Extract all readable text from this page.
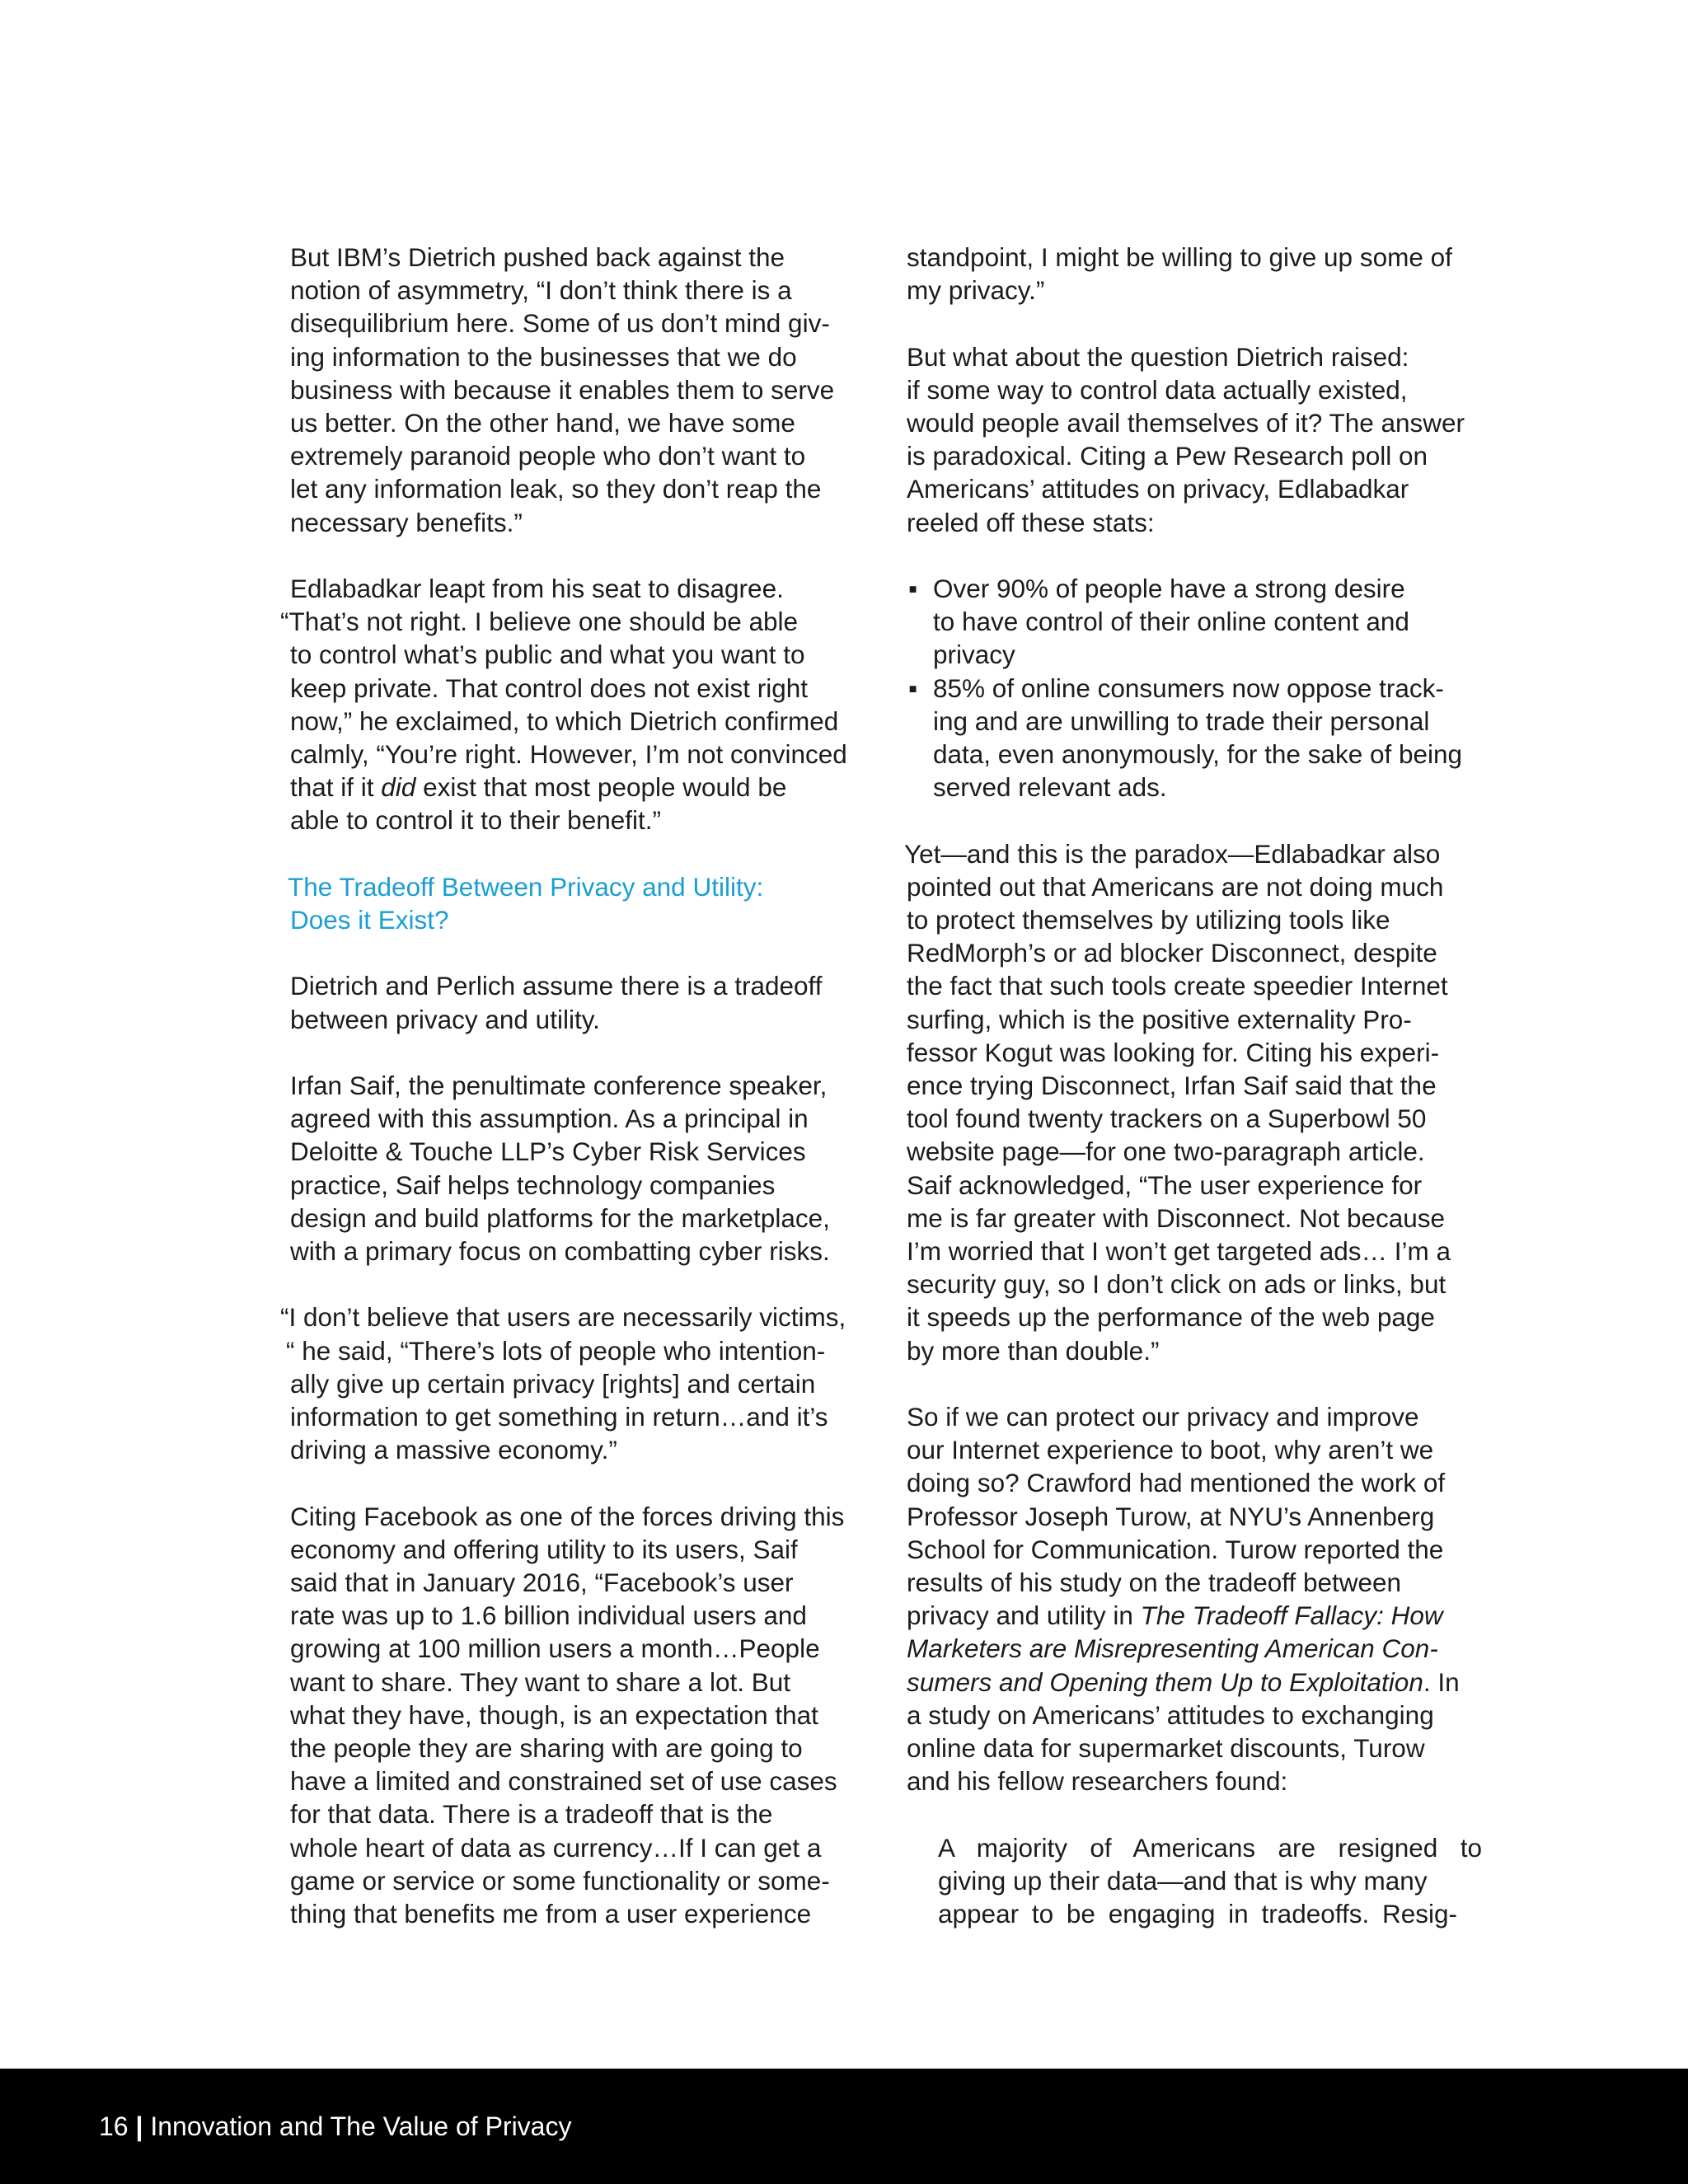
But IBM’s Dietrich pushed back against the
notion of asymmetry, “I don’t think there is a
disequilibrium here. Some of us don’t mind giv-
ing information to the businesses that we do
business with because it enables them to serve
us better. On the other hand, we have some
extremely paranoid people who don’t want to
let any information leak, so they don’t reap the
necessary benefits.”
Edlabadkar leapt from his seat to disagree.
“That’s not right. I believe one should be able
to control what’s public and what you want to
keep private. That control does not exist right
now,” he exclaimed, to which Dietrich confirmed
calmly, “You’re right. However, I’m not convinced
that if it did exist that most people would be
able to control it to their benefit.”
The Tradeoff Between Privacy and Utility:
Does it Exist?
Dietrich and Perlich assume there is a tradeoff
between privacy and utility.
Irfan Saif, the penultimate conference speaker,
agreed with this assumption. As a principal in
Deloitte & Touche LLP’s Cyber Risk Services
practice, Saif helps technology companies
design and build platforms for the marketplace,
with a primary focus on combatting cyber risks.
“I don’t believe that users are necessarily victims,
“ he said, “There’s lots of people who intention-
ally give up certain privacy [rights] and certain
information to get something in return…and it’s
driving a massive economy.”
Citing Facebook as one of the forces driving this
economy and offering utility to its users, Saif
said that in January 2016, “Facebook’s user
rate was up to 1.6 billion individual users and
growing at 100 million users a month…People
want to share. They want to share a lot. But
what they have, though, is an expectation that
the people they are sharing with are going to
have a limited and constrained set of use cases
for that data. There is a tradeoff that is the
whole heart of data as currency…If I can get a
game or service or some functionality or some-
thing that benefits me from a user experience
standpoint, I might be willing to give up some of
my privacy.”
But what about the question Dietrich raised:
if some way to control data actually existed,
would people avail themselves of it? The answer
is paradoxical. Citing a Pew Research poll on
Americans’ attitudes on privacy, Edlabadkar
reeled off these stats:
▪ Over 90% of people have a strong desire
to have control of their online content and
privacy
▪ 85% of online consumers now oppose track-
ing and are unwilling to trade their personal
data, even anonymously, for the sake of being
served relevant ads.
Yet—and this is the paradox—Edlabadkar also
pointed out that Americans are not doing much
to protect themselves by utilizing tools like
RedMorph’s or ad blocker Disconnect, despite
the fact that such tools create speedier Internet
surfing, which is the positive externality Pro-
fessor Kogut was looking for. Citing his experi-
ence trying Disconnect, Irfan Saif said that the
tool found twenty trackers on a Superbowl 50
website page—for one two-paragraph article.
Saif acknowledged, “The user experience for
me is far greater with Disconnect. Not because
I’m worried that I won’t get targeted ads… I’m a
security guy, so I don’t click on ads or links, but
it speeds up the performance of the web page
by more than double.”
So if we can protect our privacy and improve
our Internet experience to boot, why aren’t we
doing so? Crawford had mentioned the work of
Professor Joseph Turow, at NYU’s Annenberg
School for Communication. Turow reported the
results of his study on the tradeoff between
privacy and utility in The Tradeoff Fallacy: How
Marketers are Misrepresenting American Con-
sumers and Opening them Up to Exploitation. In
a study on Americans’ attitudes to exchanging
online data for supermarket discounts, Turow
and his fellow researchers found:
A majority of Americans are resigned to
giving up their data—and that is why many
appear to be engaging in tradeoffs. Resig-
16 | Innovation and The Value of Privacy
